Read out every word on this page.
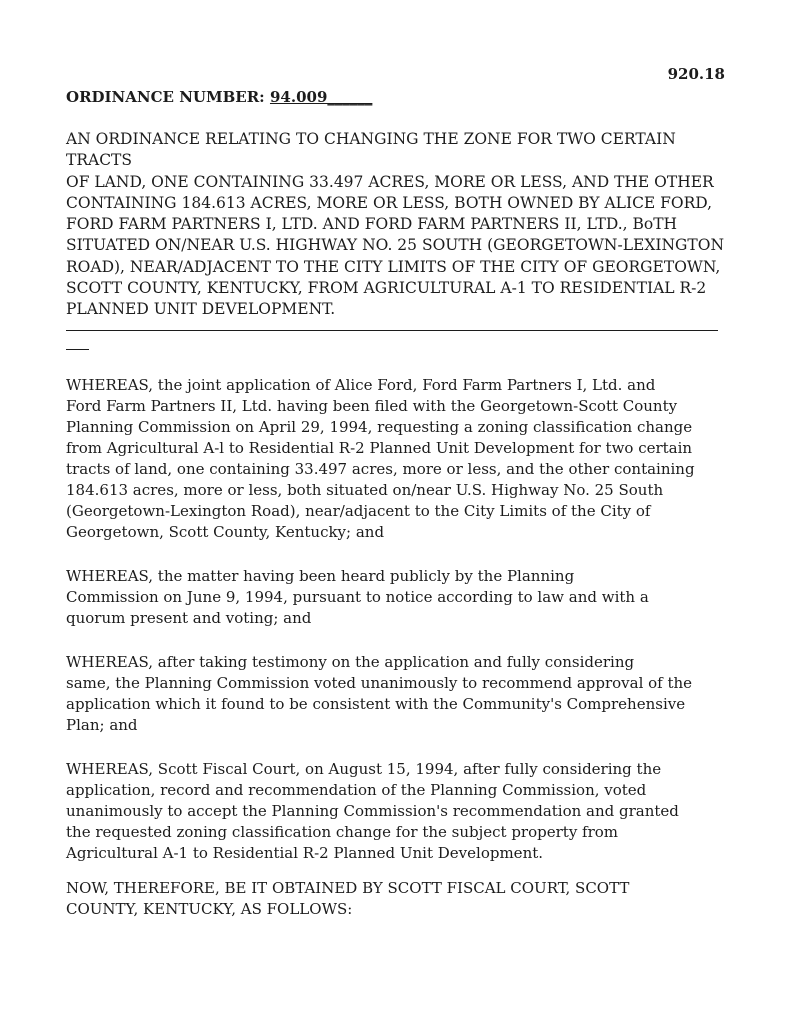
920.18
ORDINANCE NUMBER: 94.009______
AN ORDINANCE RELATING TO CHANGING THE ZONE FOR TWO CERTAIN TRACTS
OF LAND, ONE CONTAINING 33.497 ACRES, MORE OR LESS, AND THE OTHER
CONTAINING 184.613 ACRES, MORE OR LESS, BOTH OWNED BY ALICE FORD,
FORD FARM PARTNERS I, LTD. AND FORD FARM PARTNERS II, LTD., BoTH
SITUATED ON/NEAR U.S. HIGHWAY NO. 25 SOUTH (GEORGETOWN-LEXINGTON
ROAD), NEAR/ADJACENT TO THE CITY LIMITS OF THE CITY OF GEORGETOWN,
SCOTT COUNTY, KENTUCKY, FROM AGRICULTURAL A-1 TO RESIDENTIAL R-2
PLANNED UNIT DEVELOPMENT.
WHEREAS, the joint application of Alice Ford, Ford Farm Partners I, Ltd. and
Ford Farm Partners II, Ltd. having been filed with the Georgetown-Scott County
Planning Commission on April 29, 1994, requesting a zoning classification change
from Agricultural A-l to Residential R-2 Planned Unit Development for two certain
tracts of land, one containing 33.497 acres, more or less, and the other containing
184.613 acres, more or less, both situated on/near U.S. Highway No. 25 South
(Georgetown-Lexington Road), near/adjacent to the City Limits of the City of
Georgetown, Scott County, Kentucky; and
WHEREAS, the matter having been heard publicly by the Planning
Commission on June 9, 1994, pursuant to notice according to law and with a
quorum present and voting; and
WHEREAS, after taking testimony on the application and fully considering
same, the Planning Commission voted unanimously to recommend approval of the
application which it found to be consistent with the Community's Comprehensive
Plan; and
WHEREAS, Scott Fiscal Court, on August 15, 1994, after fully considering the
application, record and recommendation of the Planning Commission, voted
unanimously to accept the Planning Commission's recommendation and granted
the requested zoning classification change for the subject property from
Agricultural A-1 to Residential R-2 Planned Unit Development.
NOW, THEREFORE, BE IT OBTAINED BY SCOTT FISCAL COURT, SCOTT
COUNTY, KENTUCKY, AS FOLLOWS:
